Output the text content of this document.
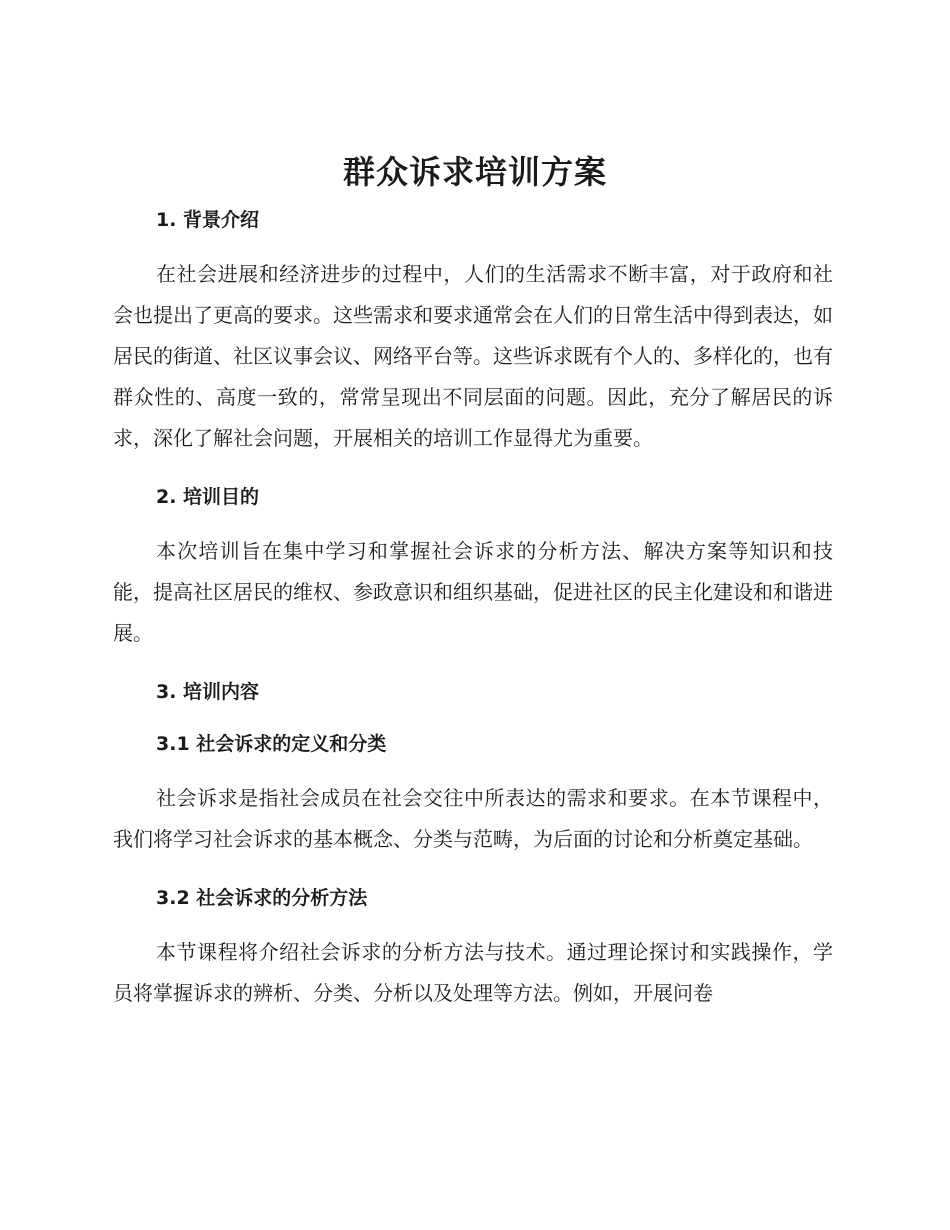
群众诉求培训方案
1. 背景介绍

在社会进展和经济进步的过程中，人们的生活需求不断丰富，对于政府和社会也提出了更高的要求。这些需求和要求通常会在人们的日常生活中得到表达，如居民的街道、社区议事会议、网络平台等。这些诉求既有个人的、多样化的，也有群众性的、高度一致的，常常呈现出不同层面的问题。因此，充分了解居民的诉求，深化了解社会问题，开展相关的培训工作显得尤为重要。

2. 培训目的

本次培训旨在集中学习和掌握社会诉求的分析方法、解决方案等知识和技能，提高社区居民的维权、参政意识和组织基础，促进社区的民主化建设和和谐进展。

3. 培训内容
3.1 社会诉求的定义和分类

社会诉求是指社会成员在社会交往中所表达的需求和要求。在本节课程中，我们将学习社会诉求的基本概念、分类与范畴，为后面的讨论和分析奠定基础。

3.2 社会诉求的分析方法

本节课程将介绍社会诉求的分析方法与技术。通过理论探讨和实践操作，学员将掌握诉求的辨析、分类、分析以及处理等方法。例如，开展问卷
